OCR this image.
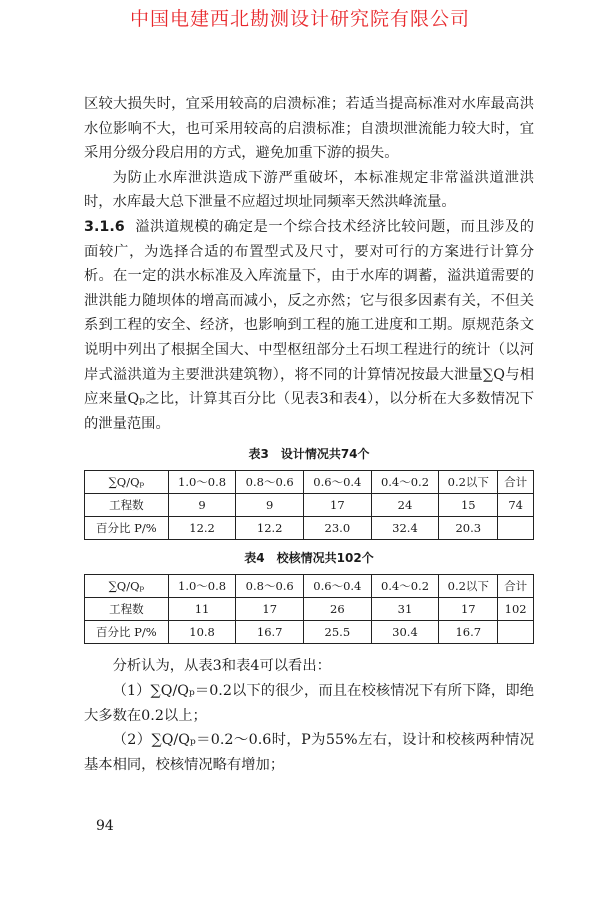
中国电建西北勘测设计研究院有限公司

区较大损失时，宜采用较高的启溃标准；若适当提高标准对水库最高洪水位影响不大，也可采用较高的启溃标准；自溃坝泄流能力较大时，宜采用分级分段启用的方式，避免加重下游的损失。

为防止水库泄洪造成下游严重破坏，本标准规定非常溢洪道泄洪时，水库最大总下泄量不应超过坝址同频率天然洪峰流量。

3.1.6 溢洪道规模的确定是一个综合技术经济比较问题，而且涉及的面较广，为选择合适的布置型式及尺寸，要对可行的方案进行计算分析。在一定的洪水标准及入库流量下，由于水库的调蓄，溢洪道需要的泄洪能力随坝体的增高而减小，反之亦然；它与很多因素有关，不但关系到工程的安全、经济，也影响到工程的施工进度和工期。原规范条文说明中列出了根据全国大、中型枢纽部分土石坝工程进行的统计（以河岸式溢洪道为主要泄洪建筑物），将不同的计算情况按最大泄量∑Q与相应来量Qₚ之比，计算其百分比（见表3和表4），以分析在大多数情况下的泄量范围。

表3　设计情况共74个
∑Q/Qₚ	1.0～0.8	0.8～0.6	0.6～0.4	0.4～0.2	0.2以下	合计
工程数	9	9	17	24	15	74
百分比 P/%	12.2	12.2	23.0	32.4	20.3	
表4　校核情况共102个
∑Q/Qₚ	1.0～0.8	0.8～0.6	0.6～0.4	0.4～0.2	0.2以下	合计
工程数	11	17	26	31	17	102
百分比 P/%	10.8	16.7	25.5	30.4	16.7	

分析认为，从表3和表4可以看出：

（1）∑Q/Qₚ＝0.2以下的很少，而且在校核情况下有所下降，即绝大多数在0.2以上；

（2）∑Q/Qₚ＝0.2～0.6时，P为55%左右，设计和校核两种情况基本相同，校核情况略有增加；

94
